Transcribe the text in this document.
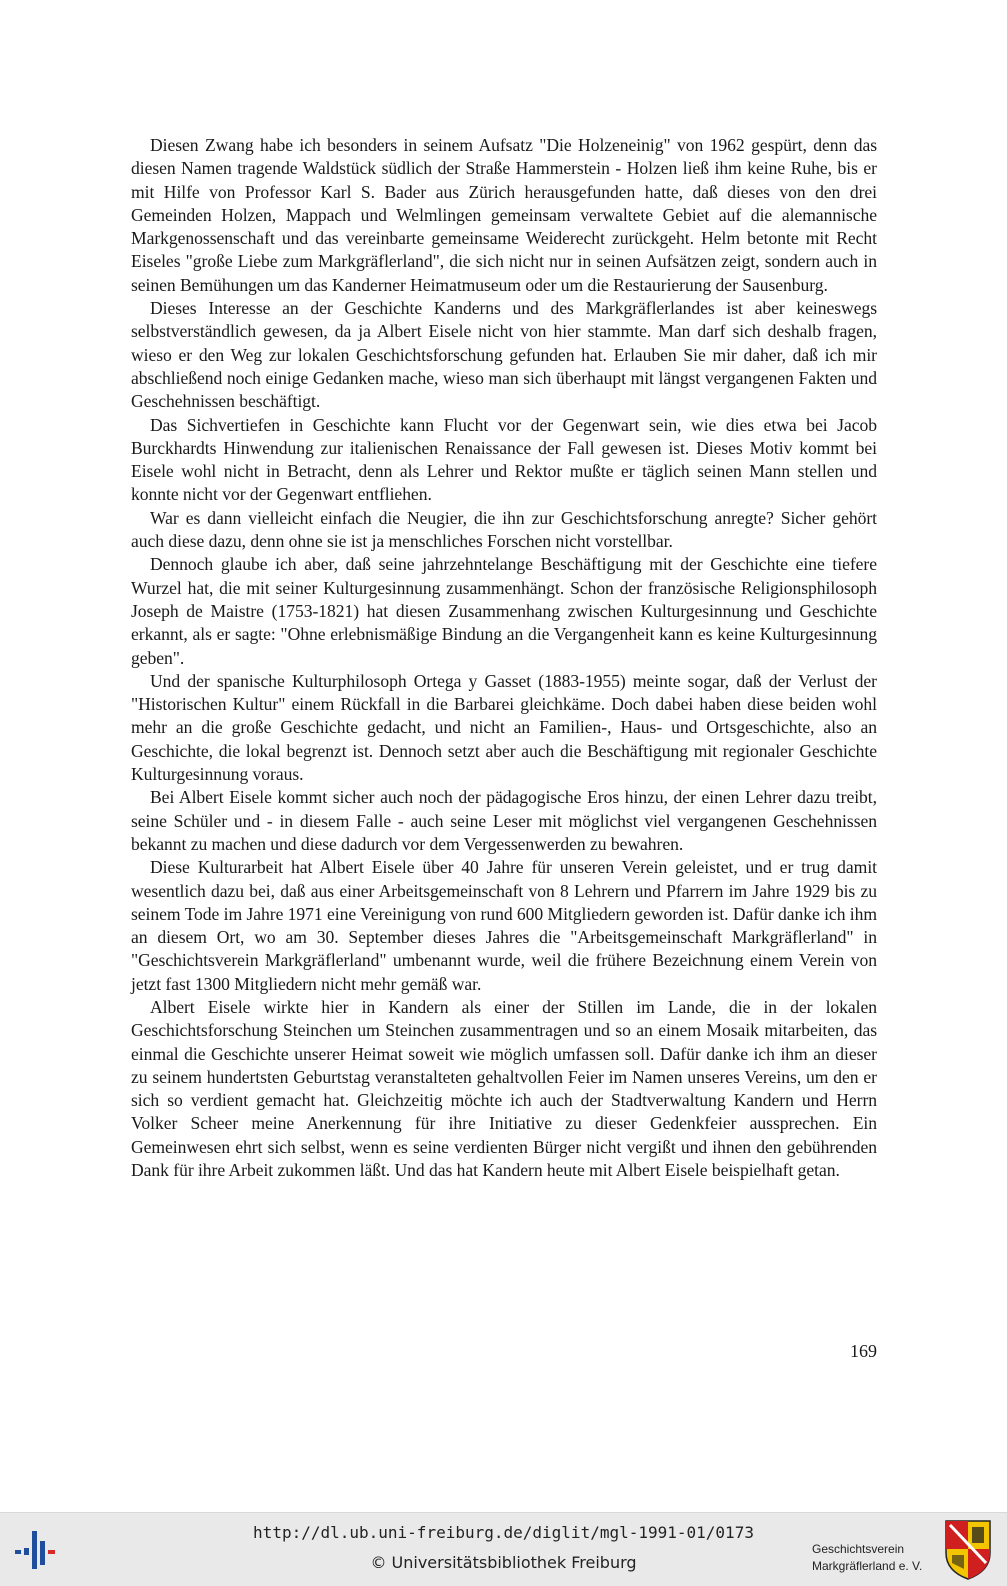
Diesen Zwang habe ich besonders in seinem Aufsatz "Die Holzeneinig" von 1962 gespürt, denn das diesen Namen tragende Waldstück südlich der Straße Hammerstein - Holzen ließ ihm keine Ruhe, bis er mit Hilfe von Professor Karl S. Bader aus Zürich herausgefunden hatte, daß dieses von den drei Gemeinden Holzen, Mappach und Welmlingen gemeinsam verwaltete Gebiet auf die alemannische Markgenossenschaft und das vereinbarte gemeinsame Weiderecht zurückgeht. Helm betonte mit Recht Eiseles "große Liebe zum Markgräflerland", die sich nicht nur in seinen Aufsätzen zeigt, sondern auch in seinen Bemühungen um das Kanderner Heimatmuseum oder um die Restaurierung der Sausenburg.

Dieses Interesse an der Geschichte Kanderns und des Markgräflerlandes ist aber keineswegs selbstverständlich gewesen, da ja Albert Eisele nicht von hier stammte. Man darf sich deshalb fragen, wieso er den Weg zur lokalen Geschichtsforschung gefunden hat. Erlauben Sie mir daher, daß ich mir abschließend noch einige Gedanken mache, wieso man sich überhaupt mit längst vergangenen Fakten und Geschehnissen beschäftigt.

Das Sichvertiefen in Geschichte kann Flucht vor der Gegenwart sein, wie dies etwa bei Jacob Burckhardts Hinwendung zur italienischen Renaissance der Fall gewesen ist. Dieses Motiv kommt bei Eisele wohl nicht in Betracht, denn als Lehrer und Rektor mußte er täglich seinen Mann stellen und konnte nicht vor der Gegenwart entfliehen.

War es dann vielleicht einfach die Neugier, die ihn zur Geschichtsforschung anregte? Sicher gehört auch diese dazu, denn ohne sie ist ja menschliches Forschen nicht vorstellbar.

Dennoch glaube ich aber, daß seine jahrzehntelange Beschäftigung mit der Geschichte eine tiefere Wurzel hat, die mit seiner Kulturgesinnung zusammenhängt. Schon der französische Religionsphilosoph Joseph de Maistre (1753-1821) hat diesen Zusammenhang zwischen Kulturgesinnung und Geschichte erkannt, als er sagte: "Ohne erlebnismäßige Bindung an die Vergangenheit kann es keine Kulturgesinnung geben".

Und der spanische Kulturphilosoph Ortega y Gasset (1883-1955) meinte sogar, daß der Verlust der "Historischen Kultur" einem Rückfall in die Barbarei gleichkäme. Doch dabei haben diese beiden wohl mehr an die große Geschichte gedacht, und nicht an Familien-, Haus- und Ortsgeschichte, also an Geschichte, die lokal begrenzt ist. Dennoch setzt aber auch die Beschäftigung mit regionaler Geschichte Kulturgesinnung voraus.

Bei Albert Eisele kommt sicher auch noch der pädagogische Eros hinzu, der einen Lehrer dazu treibt, seine Schüler und - in diesem Falle - auch seine Leser mit möglichst viel vergangenen Geschehnissen bekannt zu machen und diese dadurch vor dem Vergessenwerden zu bewahren.

Diese Kulturarbeit hat Albert Eisele über 40 Jahre für unseren Verein geleistet, und er trug damit wesentlich dazu bei, daß aus einer Arbeitsgemeinschaft von 8 Lehrern und Pfarrern im Jahre 1929 bis zu seinem Tode im Jahre 1971 eine Vereinigung von rund 600 Mitgliedern geworden ist. Dafür danke ich ihm an diesem Ort, wo am 30. September dieses Jahres die "Arbeitsgemeinschaft Markgräflerland" in "Geschichtsverein Markgräflerland" umbenannt wurde, weil die frühere Bezeichnung einem Verein von jetzt fast 1300 Mitgliedern nicht mehr gemäß war.

Albert Eisele wirkte hier in Kandern als einer der Stillen im Lande, die in der lokalen Geschichtsforschung Steinchen um Steinchen zusammentragen und so an einem Mosaik mitarbeiten, das einmal die Geschichte unserer Heimat soweit wie möglich umfassen soll. Dafür danke ich ihm an dieser zu seinem hundertsten Geburtstag veranstalteten gehaltvollen Feier im Namen unseres Vereins, um den er sich so verdient gemacht hat. Gleichzeitig möchte ich auch der Stadtverwaltung Kandern und Herrn Volker Scheer meine Anerkennung für ihre Initiative zu dieser Gedenkfeier aussprechen. Ein Gemeinwesen ehrt sich selbst, wenn es seine verdienten Bürger nicht vergißt und ihnen den gebührenden Dank für ihre Arbeit zukommen läßt. Und das hat Kandern heute mit Albert Eisele beispielhaft getan.

169
http://dl.ub.uni-freiburg.de/diglit/mgl-1991-01/0173
© Universitätsbibliothek Freiburg
Geschichtsverein
Markgräflerland e. V.
